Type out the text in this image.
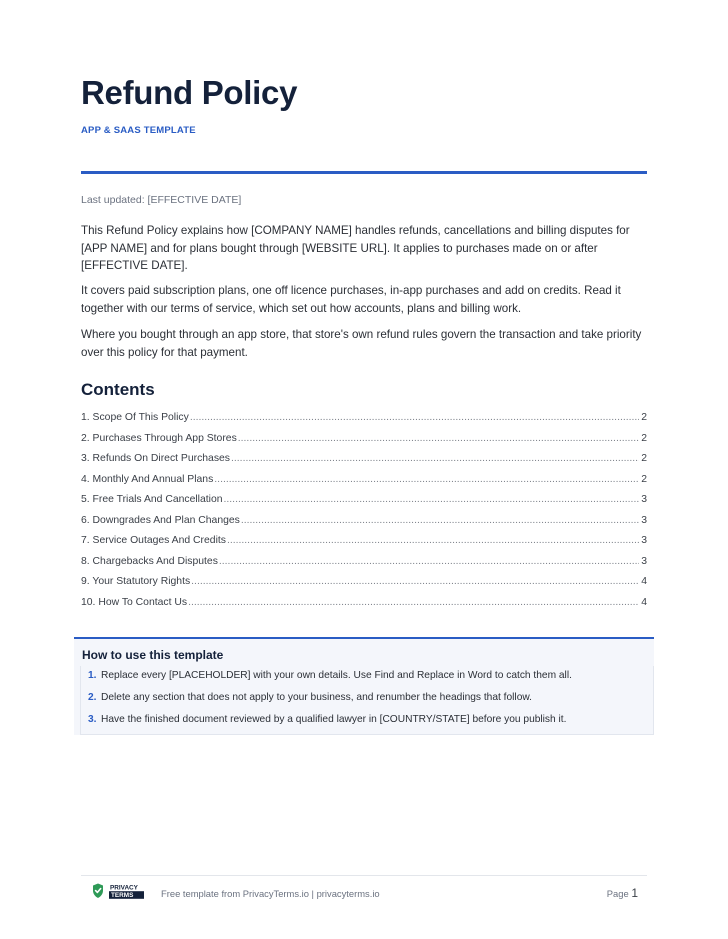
Refund Policy
APP & SAAS TEMPLATE
Last updated: [EFFECTIVE DATE]

This Refund Policy explains how [COMPANY NAME] handles refunds, cancellations and billing disputes for [APP NAME] and for plans bought through [WEBSITE URL]. It applies to purchases made on or after [EFFECTIVE DATE].

It covers paid subscription plans, one off licence purchases, in-app purchases and add on credits. Read it together with our terms of service, which set out how accounts, plans and billing work.

Where you bought through an app store, that store's own refund rules govern the transaction and take priority over this policy for that payment.

Contents
1. Scope Of This Policy .....	2
2. Purchases Through App Stores .....	2
3. Refunds On Direct Purchases .....	2
4. Monthly And Annual Plans .....	2
5. Free Trials And Cancellation .....	3
6. Downgrades And Plan Changes .....	3
7. Service Outages And Credits .....	3
8. Chargebacks And Disputes .....	3
9. Your Statutory Rights .....	4
10. How To Contact Us .....	4
How to use this template
1. Replace every [PLACEHOLDER] with your own details. Use Find and Replace in Word to catch them all.
2. Delete any section that does not apply to your business, and renumber the headings that follow.
3. Have the finished document reviewed by a qualified lawyer in [COUNTRY/STATE] before you publish it.
PRIVACY
TERMS	Free template from PrivacyTerms.io | privacyterms.io	Page 1
